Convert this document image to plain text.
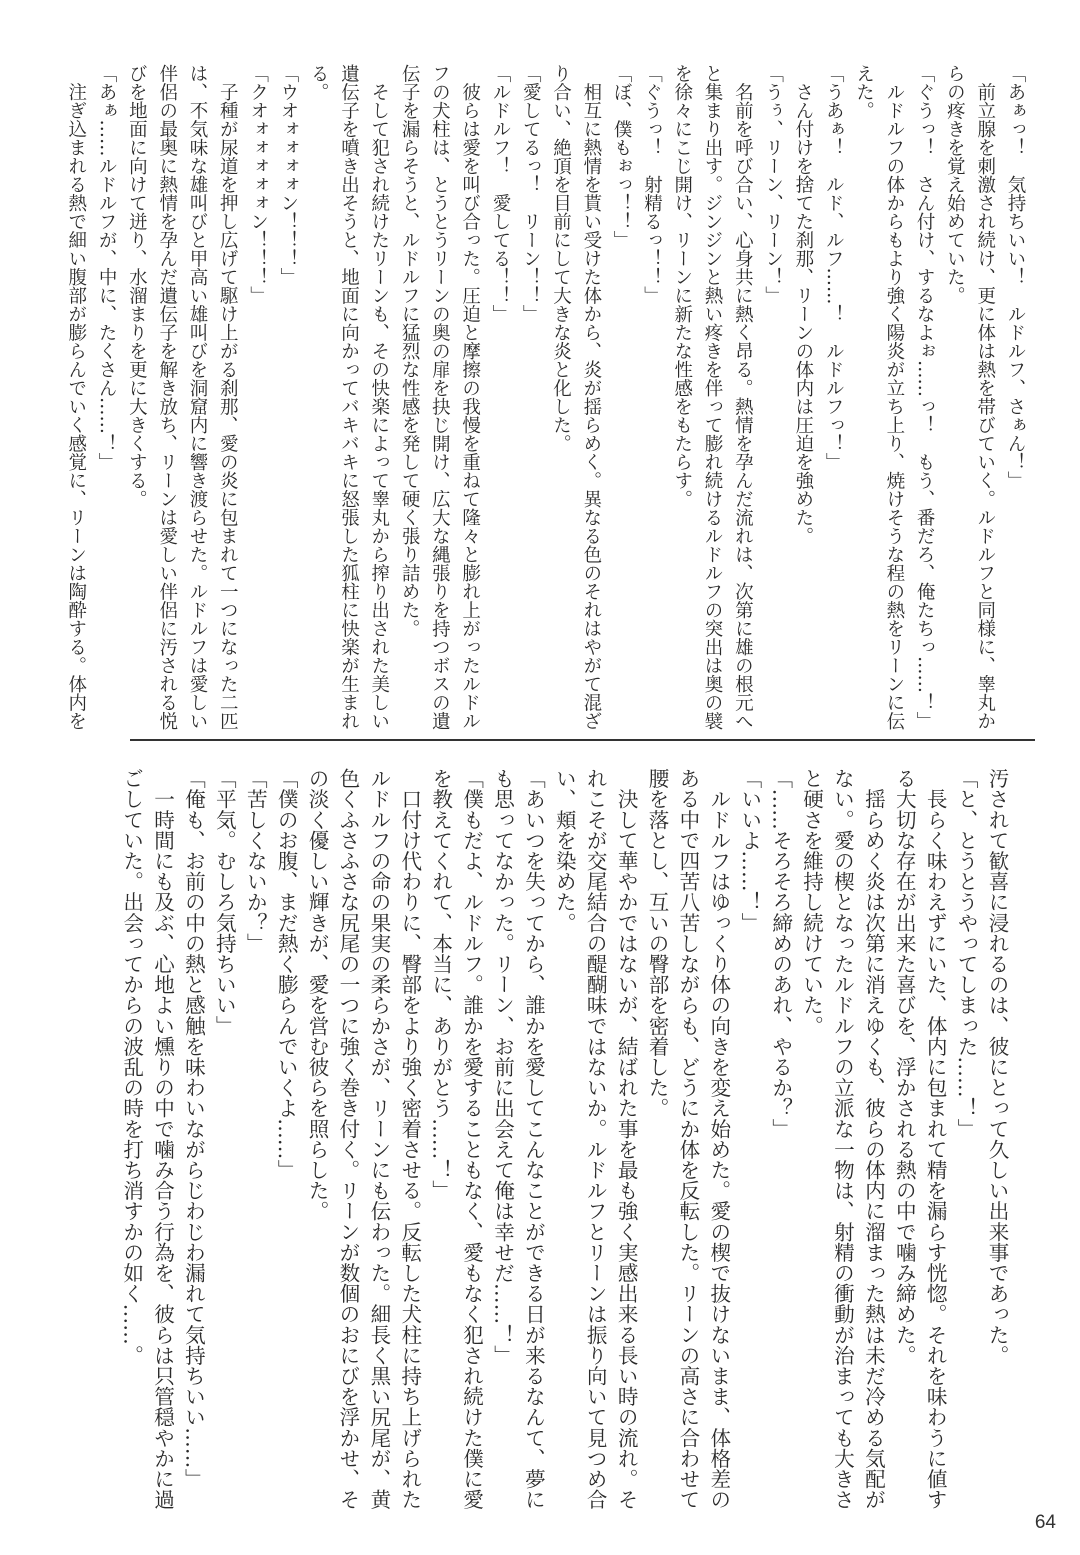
「あぁっ！　気持ちいい！　ルドルフ、さぁん！」
　前立腺を刺激され続け、更に体は熱を帯びていく。ルドルフと同様に、睾丸か
らの疼きを覚え始めていた。
「ぐうっ！　さん付け、するなよぉ……っ！　もう、番だろ、俺たちっ……！」
　ルドルフの体からもより強く陽炎が立ち上り、焼けそうな程の熱をリーンに伝
えた。
「うあぁ！　ルド、ルフ……！　ルドルフっ！」
　さん付けを捨てた刹那、リーンの体内は圧迫を強めた。
「うぅ、リーン、リーン！」
　名前を呼び合い、心身共に熱く昂る。熱情を孕んだ流れは、次第に雄の根元へ
と集まり出す。ジンジンと熱い疼きを伴って膨れ続けるルドルフの突出は奥の襞
を徐々にこじ開け、リーンに新たな性感をもたらす。
「ぐうっ！　射精るっ！！」
「ぼ、僕もぉっ！！」
　相互に熱情を貰い受けた体から、炎が揺らめく。異なる色のそれはやがて混ざ
り合い、絶頂を目前にして大きな炎と化した。
「愛してるっ！　リーン！！」
「ルドルフ！　愛してる！！」
　彼らは愛を叫び合った。圧迫と摩擦の我慢を重ねて隆々と膨れ上がったルドル
フの犬柱は、とうとうリーンの奥の扉を抉じ開け、広大な縄張りを持つボスの遺
伝子を漏らそうと、ルドルフに猛烈な性感を発して硬く張り詰めた。
　そして犯され続けたリーンも、その快楽によって睾丸から搾り出された美しい
遺伝子を噴き出そうと、地面に向かってバキバキに怒張した狐柱に快楽が生まれ
る。
「ウオォォォォン！！！」
「クオォォォォォン！！！」
　子種が尿道を押し広げて駆け上がる刹那、愛の炎に包まれて一つになった二匹
は、不気味な雄叫びと甲高い雄叫びを洞窟内に響き渡らせた。ルドルフは愛しい
伴侶の最奥に熱情を孕んだ遺伝子を解き放ち、リーンは愛しい伴侶に汚される悦
びを地面に向けて迸り、水溜まりを更に大きくする。
「あぁ……ルドルフが、中に、たくさん……！」
　注ぎ込まれる熱で細い腹部が膨らんでいく感覚に、リーンは陶酔する。体内を
汚されて歓喜に浸れるのは、彼にとって久しい出来事であった。
「と、とうとうやってしまった……！」
　長らく味わえずにいた、体内に包まれて精を漏らす恍惚。それを味わうに値す
る大切な存在が出来た喜びを、浮かされる熱の中で噛み締めた。
　揺らめく炎は次第に消えゆくも、彼らの体内に溜まった熱は未だ冷める気配が
ない。愛の楔となったルドルフの立派な一物は、射精の衝動が治まっても大きさ
と硬さを維持し続けていた。
「……そろそろ締めのあれ、やるか？」
「いいよ……！」
　ルドルフはゆっくり体の向きを変え始めた。愛の楔で抜けないまま、体格差の
ある中で四苦八苦しながらも、どうにか体を反転した。リーンの高さに合わせて
腰を落とし、互いの臀部を密着した。
　決して華やかではないが、結ばれた事を最も強く実感出来る長い時の流れ。そ
れこそが交尾結合の醍醐味ではないか。ルドルフとリーンは振り向いて見つめ合
い、頬を染めた。
「あいつを失ってから、誰かを愛してこんなことができる日が来るなんて、夢に
も思ってなかった。リーン、お前に出会えて俺は幸せだ……！」
「僕もだよ、ルドルフ。誰かを愛することもなく、愛もなく犯され続けた僕に愛
を教えてくれて、本当に、ありがとう……！」
　口付け代わりに、臀部をより強く密着させる。反転した犬柱に持ち上げられた
ルドルフの命の果実の柔らかさが、リーンにも伝わった。細長く黒い尻尾が、黄
色くふさふさな尻尾の一つに強く巻き付く。リーンが数個のおにびを浮かせ、そ
の淡く優しい輝きが、愛を営む彼らを照らした。
「僕のお腹、まだ熱く膨らんでいくよ……」
「苦しくないか？」
「平気。むしろ気持ちいい」
「俺も、お前の中の熱と感触を味わいながらじわじわ漏れて気持ちいい……」
　一時間にも及ぶ、心地よい燻りの中で噛み合う行為を、彼らは只管穏やかに過
ごしていた。出会ってからの波乱の時を打ち消すかの如く……。
64
